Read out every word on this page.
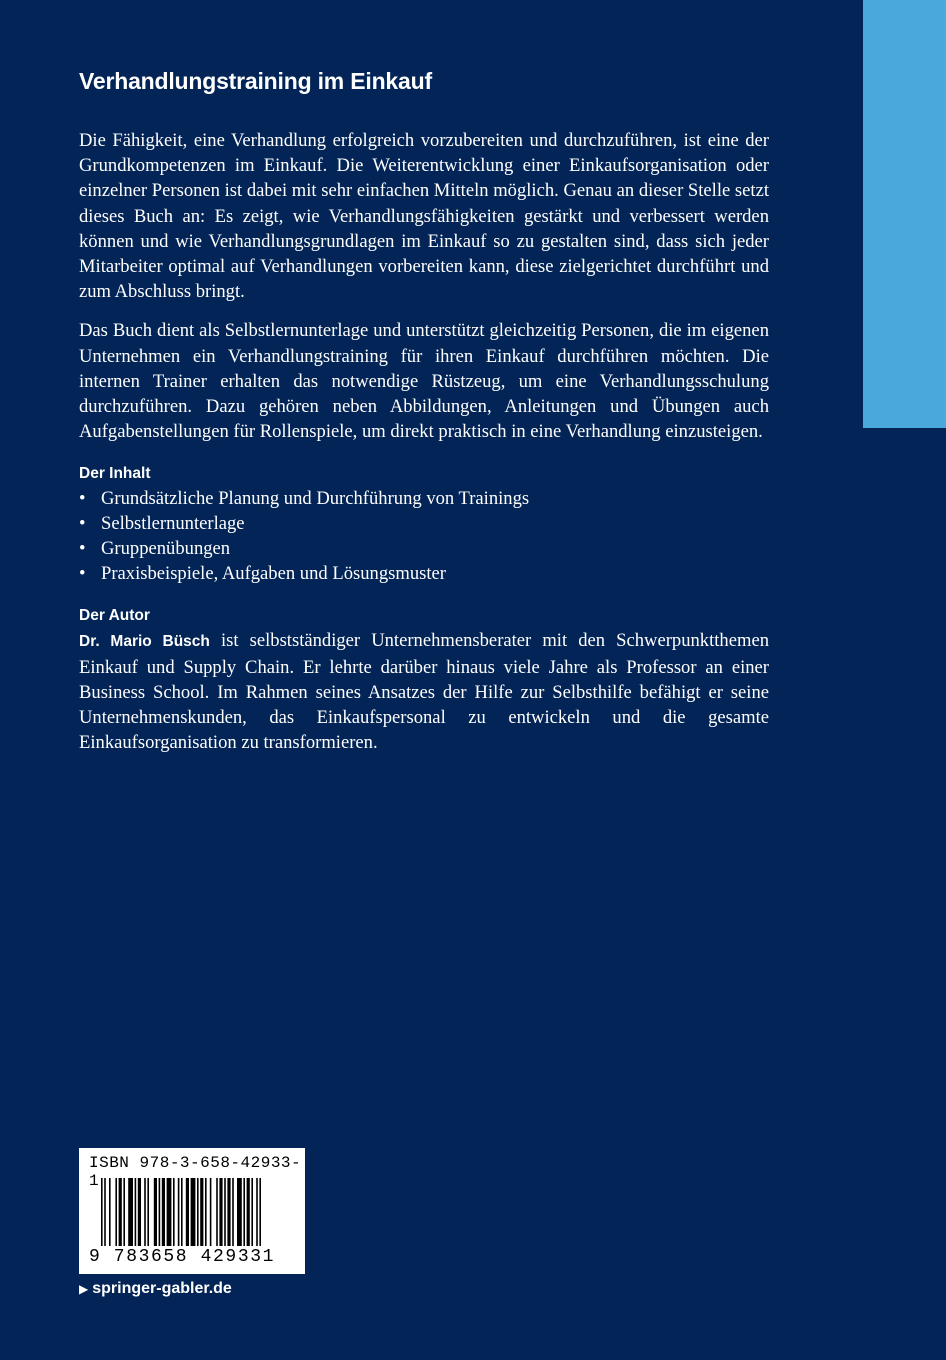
Verhandlungstraining im Einkauf

Die Fähigkeit, eine Verhandlung erfolgreich vorzubereiten und durchzuführen, ist eine der Grundkompetenzen im Einkauf. Die Weiterentwicklung einer Einkaufsorganisation oder einzelner Personen ist dabei mit sehr einfachen Mitteln möglich. Genau an dieser Stelle setzt dieses Buch an: Es zeigt, wie Verhandlungsfähigkeiten gestärkt und verbessert werden können und wie Verhandlungsgrundlagen im Einkauf so zu gestalten sind, dass sich jeder Mitarbeiter optimal auf Verhandlungen vorbereiten kann, diese zielgerichtet durchführt und zum Abschluss bringt.

Das Buch dient als Selbstlernunterlage und unterstützt gleichzeitig Personen, die im eigenen Unternehmen ein Verhandlungstraining für ihren Einkauf durchführen möchten. Die internen Trainer erhalten das notwendige Rüstzeug, um eine Verhandlungsschulung durchzuführen. Dazu gehören neben Abbildungen, Anleitungen und Übungen auch Aufgabenstellungen für Rollenspiele, um direkt praktisch in eine Verhandlung einzusteigen.

Der Inhalt
• Grundsätzliche Planung und Durchführung von Trainings
• Selbstlernunterlage
• Gruppenübungen
• Praxisbeispiele, Aufgaben und Lösungsmuster
Der Autor

Dr. Mario Büsch ist selbstständiger Unternehmensberater mit den Schwerpunktthemen Einkauf und Supply Chain. Er lehrte darüber hinaus viele Jahre als Professor an einer Business School. Im Rahmen seines Ansatzes der Hilfe zur Selbsthilfe befähigt er seine Unternehmenskunden, das Einkaufspersonal zu entwickeln und die gesamte Einkaufsorganisation zu transformieren.

ISBN 978-3-658-42933-1
9 783658 429331
▶ springer-gabler.de
